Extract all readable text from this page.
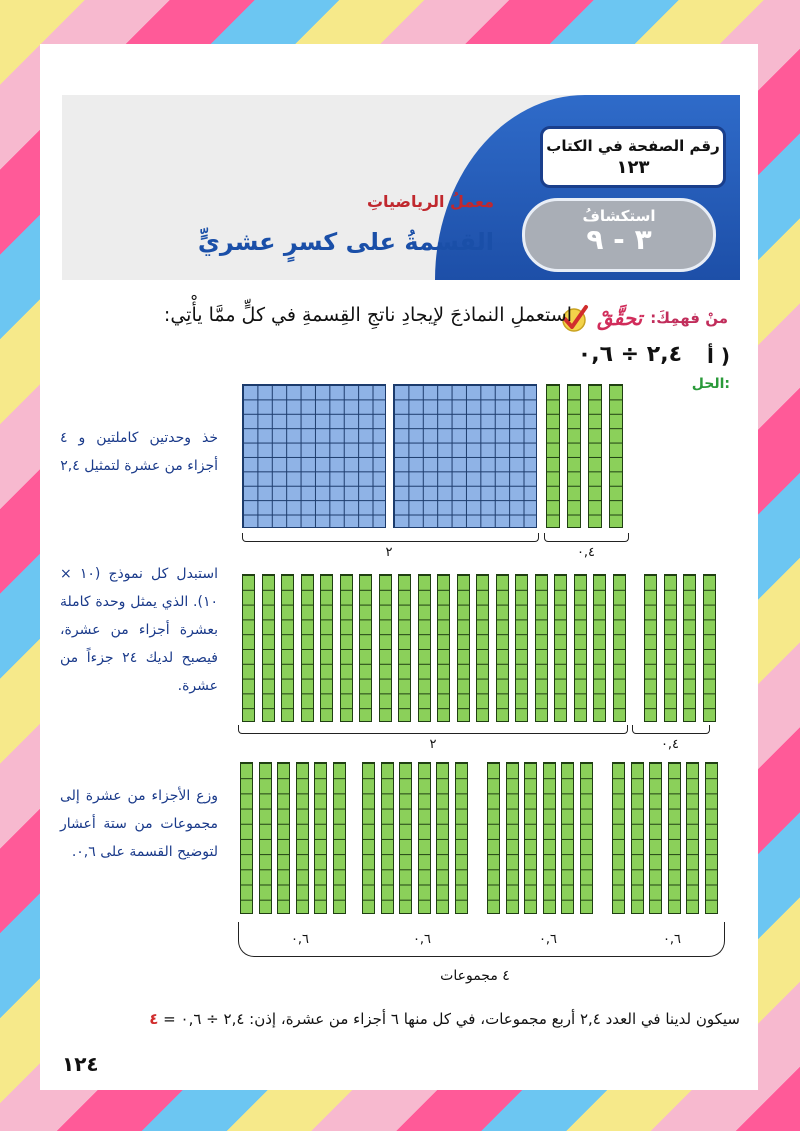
رقم الصفحة في الكتاب
١٢٣
استكشافُ
٣ - ٩
معملُ الرياضياتِ
القسمةُ على كسرٍ عشريٍّ
تحقَّقْ منْ فهمِكَ:
استعملِ النماذجَ لإيجادِ ناتجِ القِسمةِ في كلٍّ ممَّا يأْتِي:
أ )
٢,٤ ÷ ٠,٦
الحل:
خذ وحدتين كاملتين و ٤ أجزاء من عشرة لتمثيل ٢,٤
استبدل كل نموذج (١٠ × ١٠). الذي يمثل وحدة كاملة بعشرة أجزاء من عشرة، فيصبح لديك ٢٤ جزءاً من عشرة.
وزع الأجزاء من عشرة إلى مجموعات من ستة أعشار لتوضيح القسمة على ٠,٦.
٢	٠,٤
٢	٠,٤
٠,٦	٠,٦	٠,٦	٠,٦
٤ مجموعات
سيكون لدينا في العدد ٢,٤ أربع مجموعات، في كل منها ٦ أجزاء من عشرة، إذن: ٢,٤ ÷ ٠,٦ = ٤
١٢٤
